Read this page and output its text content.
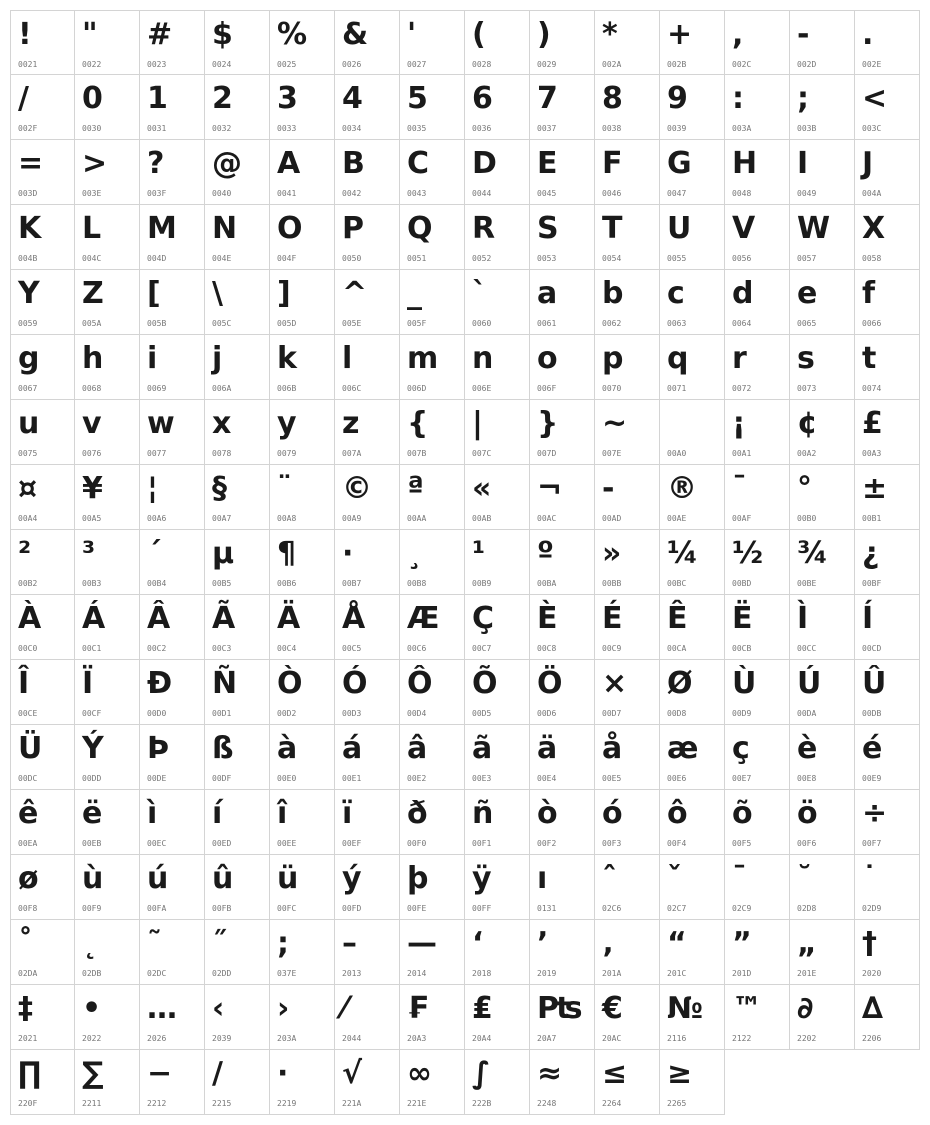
!
0021
"
0022
#
0023
$
0024
%
0025
&
0026
'
0027
(
0028
)
0029
*
002A
+
002B
,
002C
-
002D
.
002E
/
002F
0
0030
1
0031
2
0032
3
0033
4
0034
5
0035
6
0036
7
0037
8
0038
9
0039
:
003A
;
003B
<
003C
=
003D
>
003E
?
003F
@
0040
A
0041
B
0042
C
0043
D
0044
E
0045
F
0046
G
0047
H
0048
I
0049
J
004A
K
004B
L
004C
M
004D
N
004E
O
004F
P
0050
Q
0051
R
0052
S
0053
T
0054
U
0055
V
0056
W
0057
X
0058
Y
0059
Z
005A
[
005B
\
005C
]
005D
^
005E
_
005F
`
0060
a
0061
b
0062
c
0063
d
0064
e
0065
f
0066
g
0067
h
0068
i
0069
j
006A
k
006B
l
006C
m
006D
n
006E
o
006F
p
0070
q
0071
r
0072
s
0073
t
0074
u
0075
v
0076
w
0077
x
0078
y
0079
z
007A
{
007B
|
007C
}
007D
~
007E	00A0
¡
00A1
¢
00A2
£
00A3
¤
00A4
¥
00A5
¦
00A6
§
00A7
¨
00A8
©
00A9
ª
00AA
«
00AB
¬
00AC
-
00AD
®
00AE
¯
00AF
°
00B0
±
00B1
²
00B2
³
00B3
´
00B4
µ
00B5
¶
00B6
·
00B7
¸
00B8
¹
00B9
º
00BA
»
00BB
¼
00BC
½
00BD
¾
00BE
¿
00BF
À
00C0
Á
00C1
Â
00C2
Ã
00C3
Ä
00C4
Å
00C5
Æ
00C6
Ç
00C7
È
00C8
É
00C9
Ê
00CA
Ë
00CB
Ì
00CC
Í
00CD
Î
00CE
Ï
00CF
Ð
00D0
Ñ
00D1
Ò
00D2
Ó
00D3
Ô
00D4
Õ
00D5
Ö
00D6
×
00D7
Ø
00D8
Ù
00D9
Ú
00DA
Û
00DB
Ü
00DC
Ý
00DD
Þ
00DE
ß
00DF
à
00E0
á
00E1
â
00E2
ã
00E3
ä
00E4
å
00E5
æ
00E6
ç
00E7
è
00E8
é
00E9
ê
00EA
ë
00EB
ì
00EC
í
00ED
î
00EE
ï
00EF
ð
00F0
ñ
00F1
ò
00F2
ó
00F3
ô
00F4
õ
00F5
ö
00F6
÷
00F7
ø
00F8
ù
00F9
ú
00FA
û
00FB
ü
00FC
ý
00FD
þ
00FE
ÿ
00FF
ı
0131
ˆ
02C6
ˇ
02C7
ˉ
02C9
˘
02D8
˙
02D9
˚
02DA
˛
02DB
˜
02DC
˝
02DD
;
037E
–
2013
—
2014
‘
2018
’
2019
‚
201A
“
201C
”
201D
„
201E
†
2020
‡
2021
•
2022
…
2026
‹
2039
›
203A
⁄
2044
₣
20A3
₤
20A4
₧
20A7
€
20AC
№
2116
™
2122
∂
2202
∆
2206
∏
220F
∑
2211
−
2212
∕
2215
∙
2219
√
221A
∞
221E
∫
222B
≈
2248
≤
2264
≥
2265
